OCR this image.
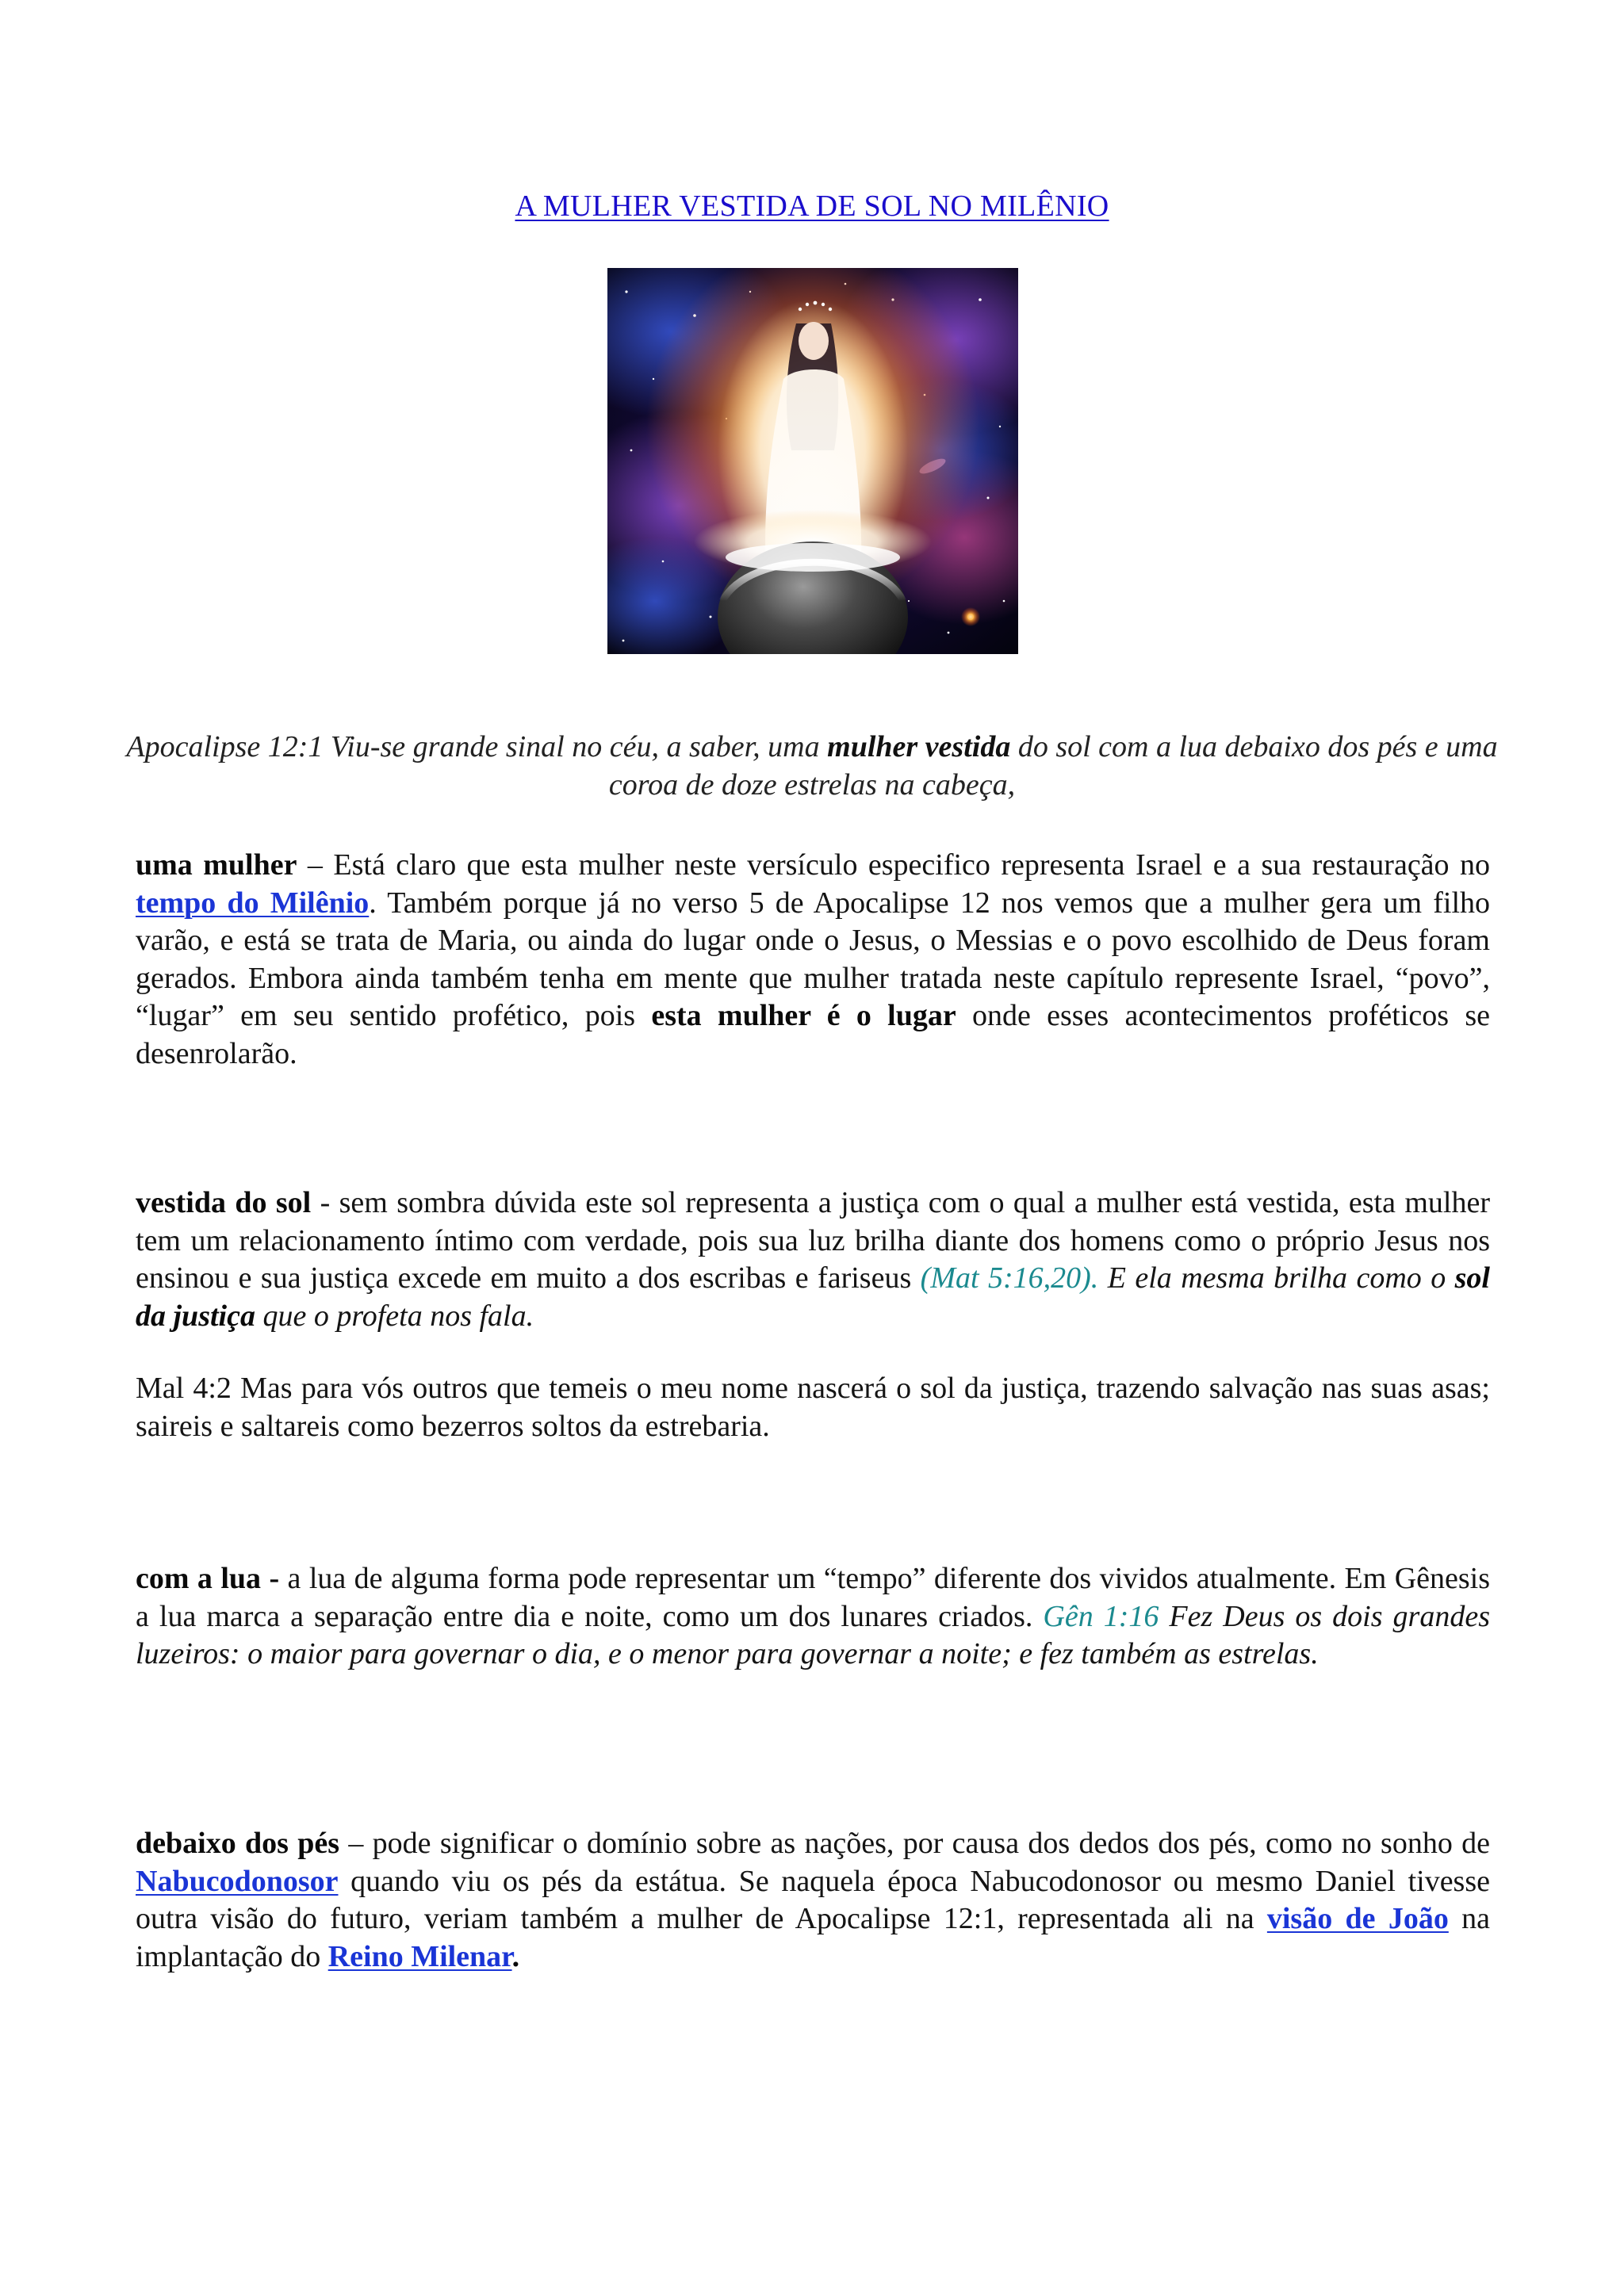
A MULHER VESTIDA DE SOL NO MILÊNIO
Apocalipse 12:1 Viu-se grande sinal no céu, a saber, uma mulher vestida do sol com a lua debaixo dos pés e uma coroa de doze estrelas na cabeça,
uma mulher – Está claro que esta mulher neste versículo especifico representa Israel e a sua restauração no tempo do Milênio. Também porque já no verso 5 de Apocalipse 12 nos vemos que a mulher gera um filho varão, e está se trata de Maria, ou ainda do lugar onde o Jesus, o Messias e o povo escolhido de Deus foram gerados. Embora ainda também tenha em mente que mulher tratada neste capítulo represente Israel, “povo”, “lugar” em seu sentido profético, pois esta mulher é o lugar onde esses acontecimentos proféticos se desenrolarão.
vestida do sol - sem sombra dúvida este sol representa a justiça com o qual a mulher está vestida, esta mulher tem um relacionamento íntimo com verdade, pois sua luz brilha diante dos homens como o próprio Jesus nos ensinou e sua justiça excede em muito a dos escribas e fariseus (Mat 5:16,20). E ela mesma brilha como o sol da justiça que o profeta nos fala.
Mal 4:2 Mas para vós outros que temeis o meu nome nascerá o sol da justiça, trazendo salvação nas suas asas; saireis e saltareis como bezerros soltos da estrebaria.
com a lua - a lua de alguma forma pode representar um “tempo” diferente dos vividos atualmente. Em Gênesis a lua marca a separação entre dia e noite, como um dos lunares criados. Gên 1:16 Fez Deus os dois grandes luzeiros: o maior para governar o dia, e o menor para governar a noite; e fez também as estrelas.
debaixo dos pés – pode significar o domínio sobre as nações, por causa dos dedos dos pés, como no sonho de Nabucodonosor quando viu os pés da estátua. Se naquela época Nabucodonosor ou mesmo Daniel tivesse outra visão do futuro, veriam também a mulher de Apocalipse 12:1, representada ali na visão de João na implantação do Reino Milenar.
